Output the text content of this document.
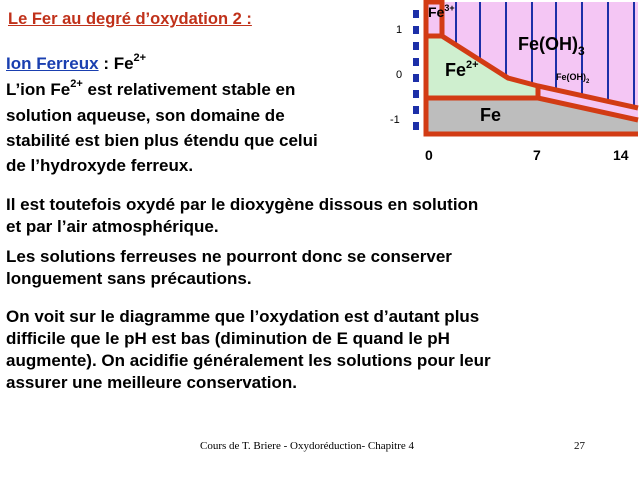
Le Fer au degré d’oxydation 2 :
Ion Ferreux : $Fe^{2+}$
L’ion $Fe^{2+}$ est relativement stable en
solution aqueuse, son domaine de
stabilité est bien plus étendu que celui
de l’hydroxyde ferreux.
Il est toutefois oxydé par le dioxygène dissous en solution
et par l’air atmosphérique.
Les solutions ferreuses ne pourront donc se conserver
longuement sans précautions.
On voit sur le diagramme que l’oxydation est d’autant plus
difficile que le pH est bas (diminution de E quand le pH
augmente). On acidifie généralement les solutions pour leur
assurer une meilleure conservation.
Cours de T. Briere - Oxydoréduction- Chapitre 4	27
1
0
-1
0	7	14
$Fe^{3+}$
$Fe(OH)_3$
$Fe^{2+}$
$Fe(OH)_2$
Fe
